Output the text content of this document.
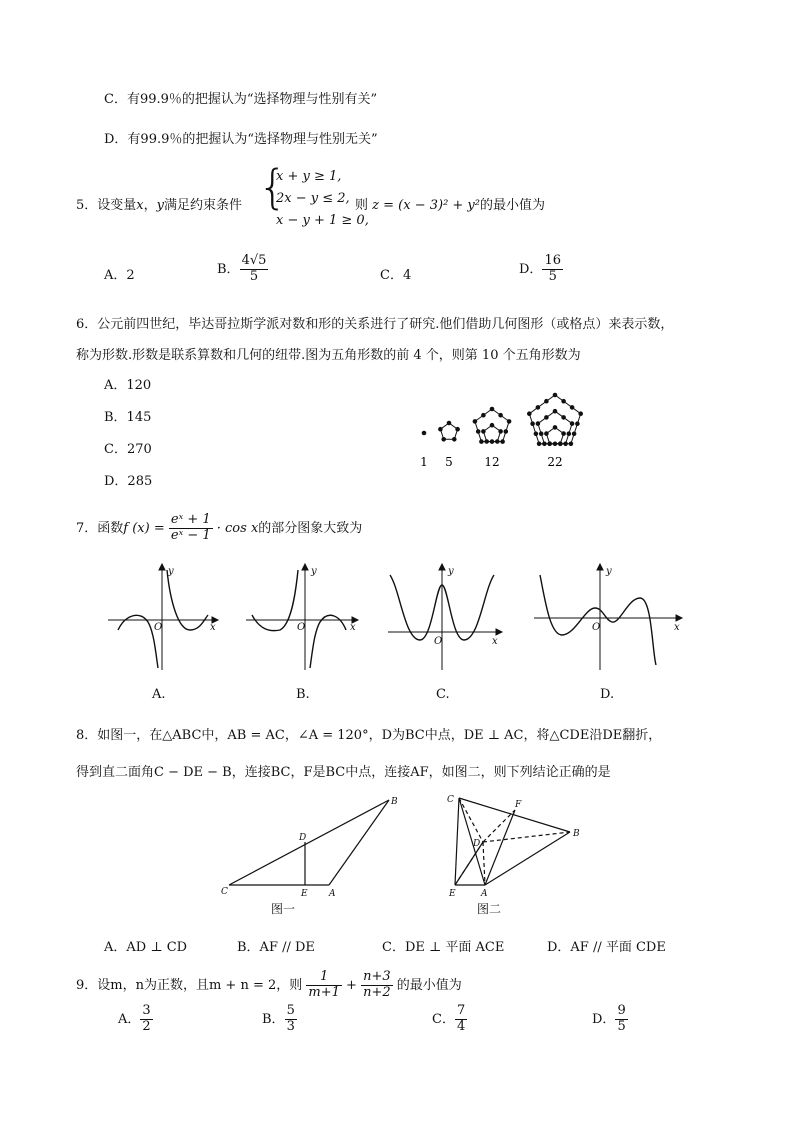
C．有99.9％的把握认为“选择物理与性别有关”
D．有99.9％的把握认为“选择物理与性别无关”
5．设变量x，y满足约束条件 {
x + y ≥ 1,
2x − y ≤ 2,
x − y + 1 ≥ 0,
则 z = (x − 3)² + y²的最小值为
A．2	B． $\frac{4√5}{5}$	C．4	D． $\frac{16}{5}$
6．公元前四世纪，毕达哥拉斯学派对数和形的关系进行了研究.他们借助几何图形（或格点）来表示数，
称为形数.形数是联系算数和几何的纽带.图为五角形数的前 4 个，则第 10 个五角形数为
A．120
B．145
C．270
D．285
1 5	12	22
7．函数f $(x) = \frac{\text{eˣ + 1}}{\text{eˣ − 1}} \cdot \cos x$的部分图象大致为
y
x
O
y
x
O
y
x
O
y
x
O
A.	B.	C.	D.
8．如图一，在△ABC中，AB = AC，∠A = 120°，D为BC中点，DE ⊥ AC，将△CDE沿DE翻折，
得到直二面角C − DE − B，连接BC，F是BC中点，连接AF，如图二，则下列结论正确的是
C	E A
D
B
图一
C	F
B
D
E	A
图二
A．AD ⊥ CD	B．AF // DE	C．DE ⊥ 平面 ACE	D．AF // 平面 CDE
9．设m，n为正数，且m + n = 2，则 $\frac{1}{m+1} + \frac{n+3}{n+2}$ 的最小值为
A． $\frac{3}{2}$	B． $\frac{5}{3}$	C． $\frac{7}{4}$	D． $\frac{9}{5}$
